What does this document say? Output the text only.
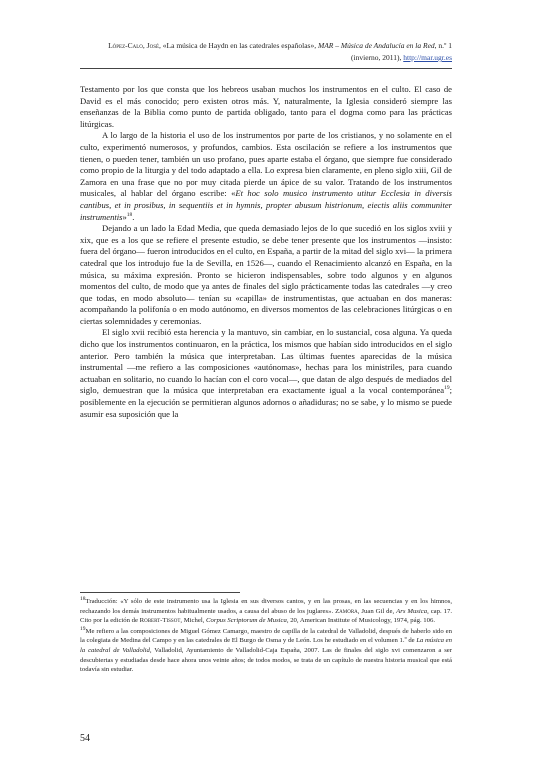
López-Calo, José, «La música de Haydn en las catedrales españolas», MAR – Música de Andalucía en la Red, n.º 1 (invierno, 2011), http://mar.ugr.es

Testamento por los que consta que los hebreos usaban muchos los instrumentos en el culto. El caso de David es el más conocido; pero existen otros más. Y, naturalmente, la Iglesia consideró siempre las enseñanzas de la Biblia como punto de partida obligado, tanto para el dogma como para las prácticas litúrgicas.

A lo largo de la historia el uso de los instrumentos por parte de los cristianos, y no solamente en el culto, experimentó numerosos, y profundos, cambios. Esta oscilación se refiere a los instrumentos que tienen, o pueden tener, también un uso profano, pues aparte estaba el órgano, que siempre fue considerado como propio de la liturgia y del todo adaptado a ella. Lo expresa bien claramente, en pleno siglo xiii, Gil de Zamora en una frase que no por muy citada pierde un ápice de su valor. Tratando de los instrumentos musicales, al hablar del órgano escribe: «Et hoc solo musico instrumento utitur Ecclesia in diversis cantibus, et in prosibus, in sequentiis et in hymnis, propter abusum histrionum, eiectis aliis communiter instrumentis»$^{18}$.

Dejando a un lado la Edad Media, que queda demasiado lejos de lo que sucedió en los siglos xviii y xix, que es a los que se refiere el presente estudio, se debe tener presente que los instrumentos —insisto: fuera del órgano— fueron introducidos en el culto, en España, a partir de la mitad del siglo xvi— la primera catedral que los introdujo fue la de Sevilla, en 1526—, cuando el Renacimiento alcanzó en España, en la música, su máxima expresión. Pronto se hicieron indispensables, sobre todo algunos y en algunos momentos del culto, de modo que ya antes de finales del siglo prácticamente todas las catedrales —y creo que todas, en modo absoluto— tenían su «capilla» de instrumentistas, que actuaban en dos maneras: acompañando la polifonía o en modo autónomo, en diversos momentos de las celebraciones litúrgicas o en ciertas solemnidades y ceremonias.

El siglo xvii recibió esta herencia y la mantuvo, sin cambiar, en lo sustancial, cosa alguna. Ya queda dicho que los instrumentos continuaron, en la práctica, los mismos que habían sido introducidos en el siglo anterior. Pero también la música que interpretaban. Las últimas fuentes aparecidas de la música instrumental —me refiero a las composiciones «autónomas», hechas para los ministriles, para cuando actuaban en solitario, no cuando lo hacían con el coro vocal—, que datan de algo después de mediados del siglo, demuestran que la música que interpretaban era exactamente igual a la vocal contemporánea$^{19}$; posiblemente en la ejecución se permitieran algunos adornos o añadiduras; no se sabe, y lo mismo se puede asumir esa suposición que la

$^{18}$Traducción: «Y sólo de este instrumento usa la Iglesia en sus diversos cantos, y en las prosas, en las secuencias y en los himnos, rechazando los demás instrumentos habitualmente usados, a causa del abuso de los juglares». Zamora, Juan Gil de, Ars Musica, cap. 17. Cito por la edición de Robert-Tissot, Michel, Corpus Scriptorum de Musica, 20, American Institute of Musicology, 1974, pág. 106.

$^{19}$Me refiero a las composiciones de Miguel Gómez Camargo, maestro de capilla de la catedral de Valladolid, después de haberlo sido en la colegiata de Medina del Campo y en las catedrales de El Burgo de Osma y de León. Los he estudiado en el volumen 1.º de La música en la catedral de Valladolid, Valladolid, Ayuntamiento de Valladolid-Caja España, 2007. Las de finales del siglo xvi comenzaron a ser descubiertas y estudiadas desde hace ahora unos veinte años; de todos modos, se trata de un capítulo de nuestra historia musical que está todavía sin estudiar.

54
